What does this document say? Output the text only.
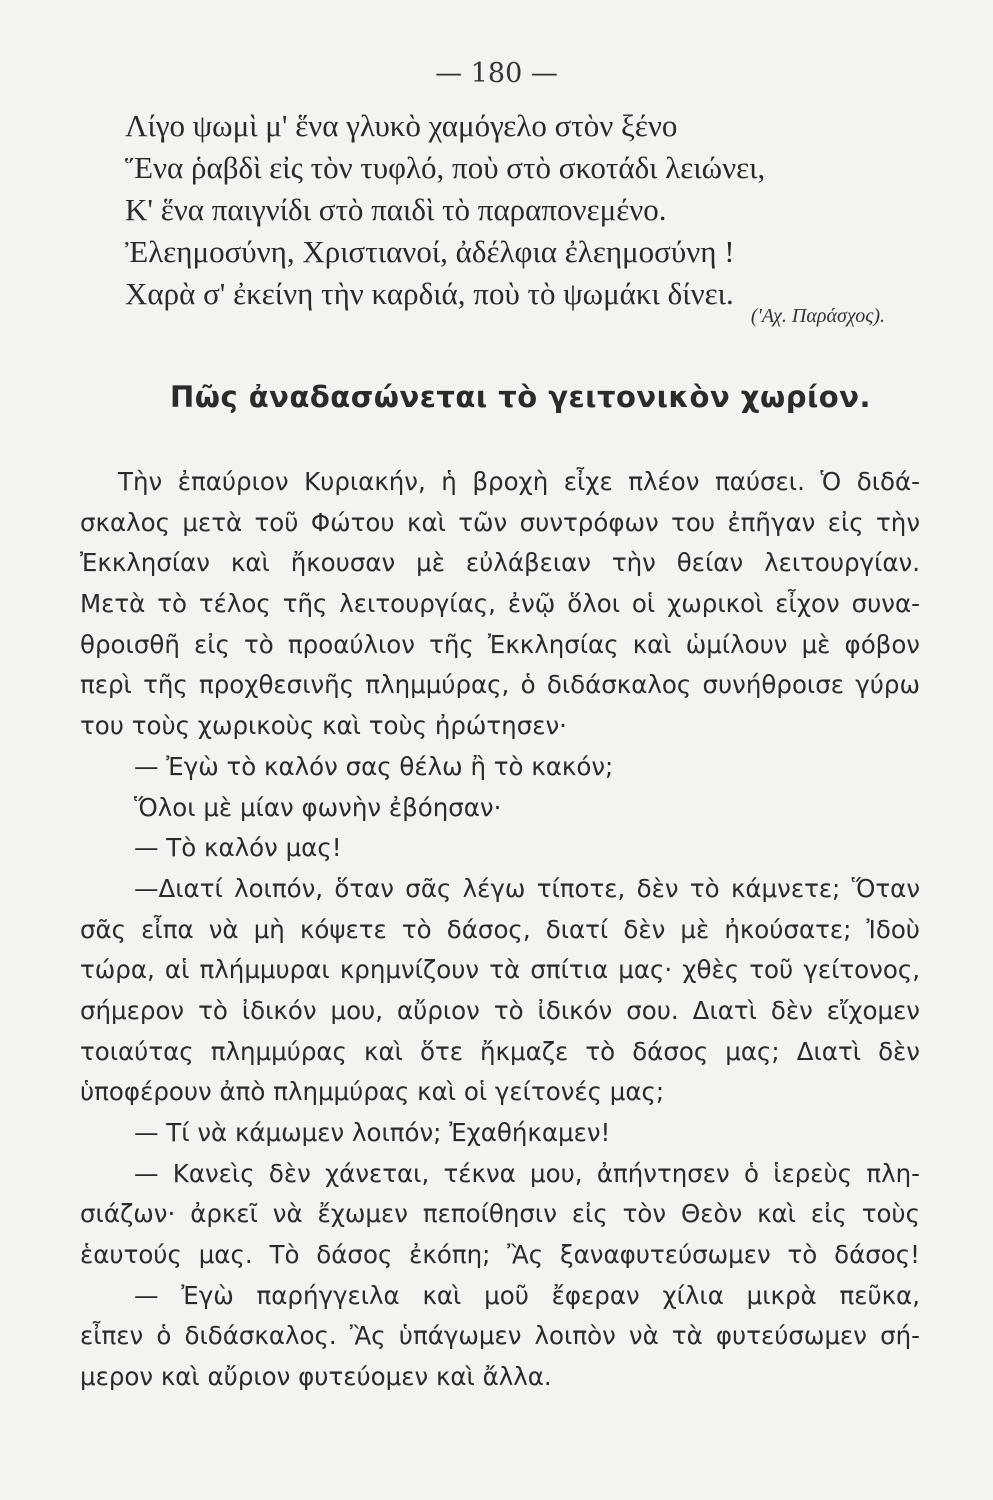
— 180 —
Λίγο ψωμὶ μ' ἕνα γλυκὸ χαμόγελο στὸν ξένο
Ἕνα ῥαβδὶ εἰς τὸν τυφλό, ποὺ στὸ σκοτάδι λειώνει,
Κ' ἕνα παιγνίδι στὸ παιδὶ τὸ παραπονεμένο.
Ἐλεημοσύνη, Χριστιανοί, ἀδέλφια ἐλεημοσύνη !
Χαρὰ σ' ἐκείνη τὴν καρδιά, ποὺ τὸ ψωμάκι δίνει.
('Αχ. Παράσχος).
Πῶς ἀναδασώνεται τὸ γειτονικὸν χωρίον.
Τὴν ἐπαύριον Κυριακήν, ἡ βροχὴ εἶχε πλέον παύσει. Ὁ διδά-
σκαλος μετὰ τοῦ Φώτου καὶ τῶν συντρόφων του ἐπῆγαν εἰς τὴν
Ἐκκλησίαν καὶ ἤκουσαν μὲ εὐλάβειαν τὴν θείαν λειτουργίαν.
Μετὰ τὸ τέλος τῆς λειτουργίας, ἐνῷ ὅλοι οἱ χωρικοὶ εἶχον συνα-
θροισθῆ εἰς τὸ προαύλιον τῆς Ἐκκλησίας καὶ ὡμίλουν μὲ φόβον
περὶ τῆς προχθεσινῆς πλημμύρας, ὁ διδάσκαλος συνήθροισε γύρω
του τοὺς χωρικοὺς καὶ τοὺς ἠρώτησεν·
— Ἐγὼ τὸ καλόν σας θέλω ἢ τὸ κακόν;
Ὅλοι μὲ μίαν φωνὴν ἐβόησαν·
— Τὸ καλόν μας!
—Διατί λοιπόν, ὅταν σᾶς λέγω τίποτε, δὲν τὸ κάμνετε; Ὅταν
σᾶς εἶπα νὰ μὴ κόψετε τὸ δάσος, διατί δὲν μὲ ἠκούσατε; Ἰδοὺ
τώρα, αἱ πλήμμυραι κρημνίζουν τὰ σπίτια μας· χθὲς τοῦ γείτονος,
σήμερον τὸ ἰδικόν μου, αὔριον τὸ ἰδικόν σου. Διατὶ δὲν εἴχομεν
τοιαύτας πλημμύρας καὶ ὅτε ἤκμαζε τὸ δάσος μας; Διατὶ δὲν
ὑποφέρουν ἀπὸ πλημμύρας καὶ οἱ γείτονές μας;
— Τί νὰ κάμωμεν λοιπόν; Ἐχαθήκαμεν!
— Κανεὶς δὲν χάνεται, τέκνα μου, ἀπήντησεν ὁ ἱερεὺς πλη-
σιάζων· ἀρκεῖ νὰ ἔχωμεν πεποίθησιν εἰς τὸν Θεὸν καὶ εἰς τοὺς
ἑαυτούς μας. Τὸ δάσος ἐκόπη; Ἂς ξαναφυτεύσωμεν τὸ δάσος!
— Ἐγὼ παρήγγειλα καὶ μοῦ ἔφεραν χίλια μικρὰ πεῦκα,
εἶπεν ὁ διδάσκαλος. Ἂς ὑπάγωμεν λοιπὸν νὰ τὰ φυτεύσωμεν σή-
μερον καὶ αὔριον φυτεύομεν καὶ ἄλλα.
